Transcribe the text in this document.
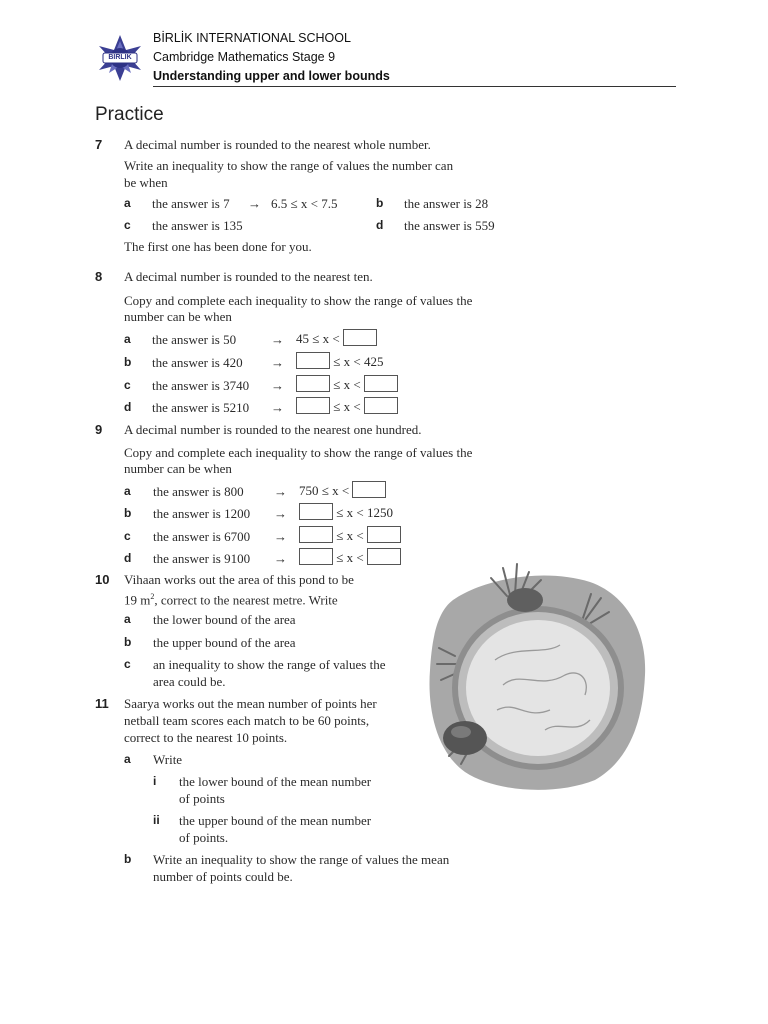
BİRLİK
BİRLİK INTERNATIONAL SCHOOL
Cambridge Mathematics Stage 9
Understanding upper and lower bounds
Practice
7 A decimal number is rounded to the nearest whole number.
Write an inequality to show the range of values the number can
be when
a the answer is 7 → 6.5 ≤ x < 7.5	b the answer is 28
c the answer is 135	d the answer is 559
The first one has been done for you.
8 A decimal number is rounded to the nearest ten.
Copy and complete each inequality to show the range of values the
number can be when
a the answer is 50	→ 45 ≤ x <
b the answer is 420 →	≤ x < 425
c the answer is 3740 →	≤ x <
d the answer is 5210 →	≤ x <
9 A decimal number is rounded to the nearest one hundred.
Copy and complete each inequality to show the range of values the
number can be when
a the answer is 800 → 750 ≤ x <
b the answer is 1200 →	≤ x < 1250
c the answer is 6700 →	≤ x <
d the answer is 9100 →	≤ x <
10 Vihaan works out the area of this pond to be
19 $m^2$, correct to the nearest metre. Write
a the lower bound of the area
b the upper bound of the area
c an inequality to show the range of values the
area could be.
11 Saarya works out the mean number of points her
netball team scores each match to be 60 points,
correct to the nearest 10 points.
a Write
i the lower bound of the mean number
of points
ii the upper bound of the mean number
of points.
b Write an inequality to show the range of values the mean
number of points could be.
